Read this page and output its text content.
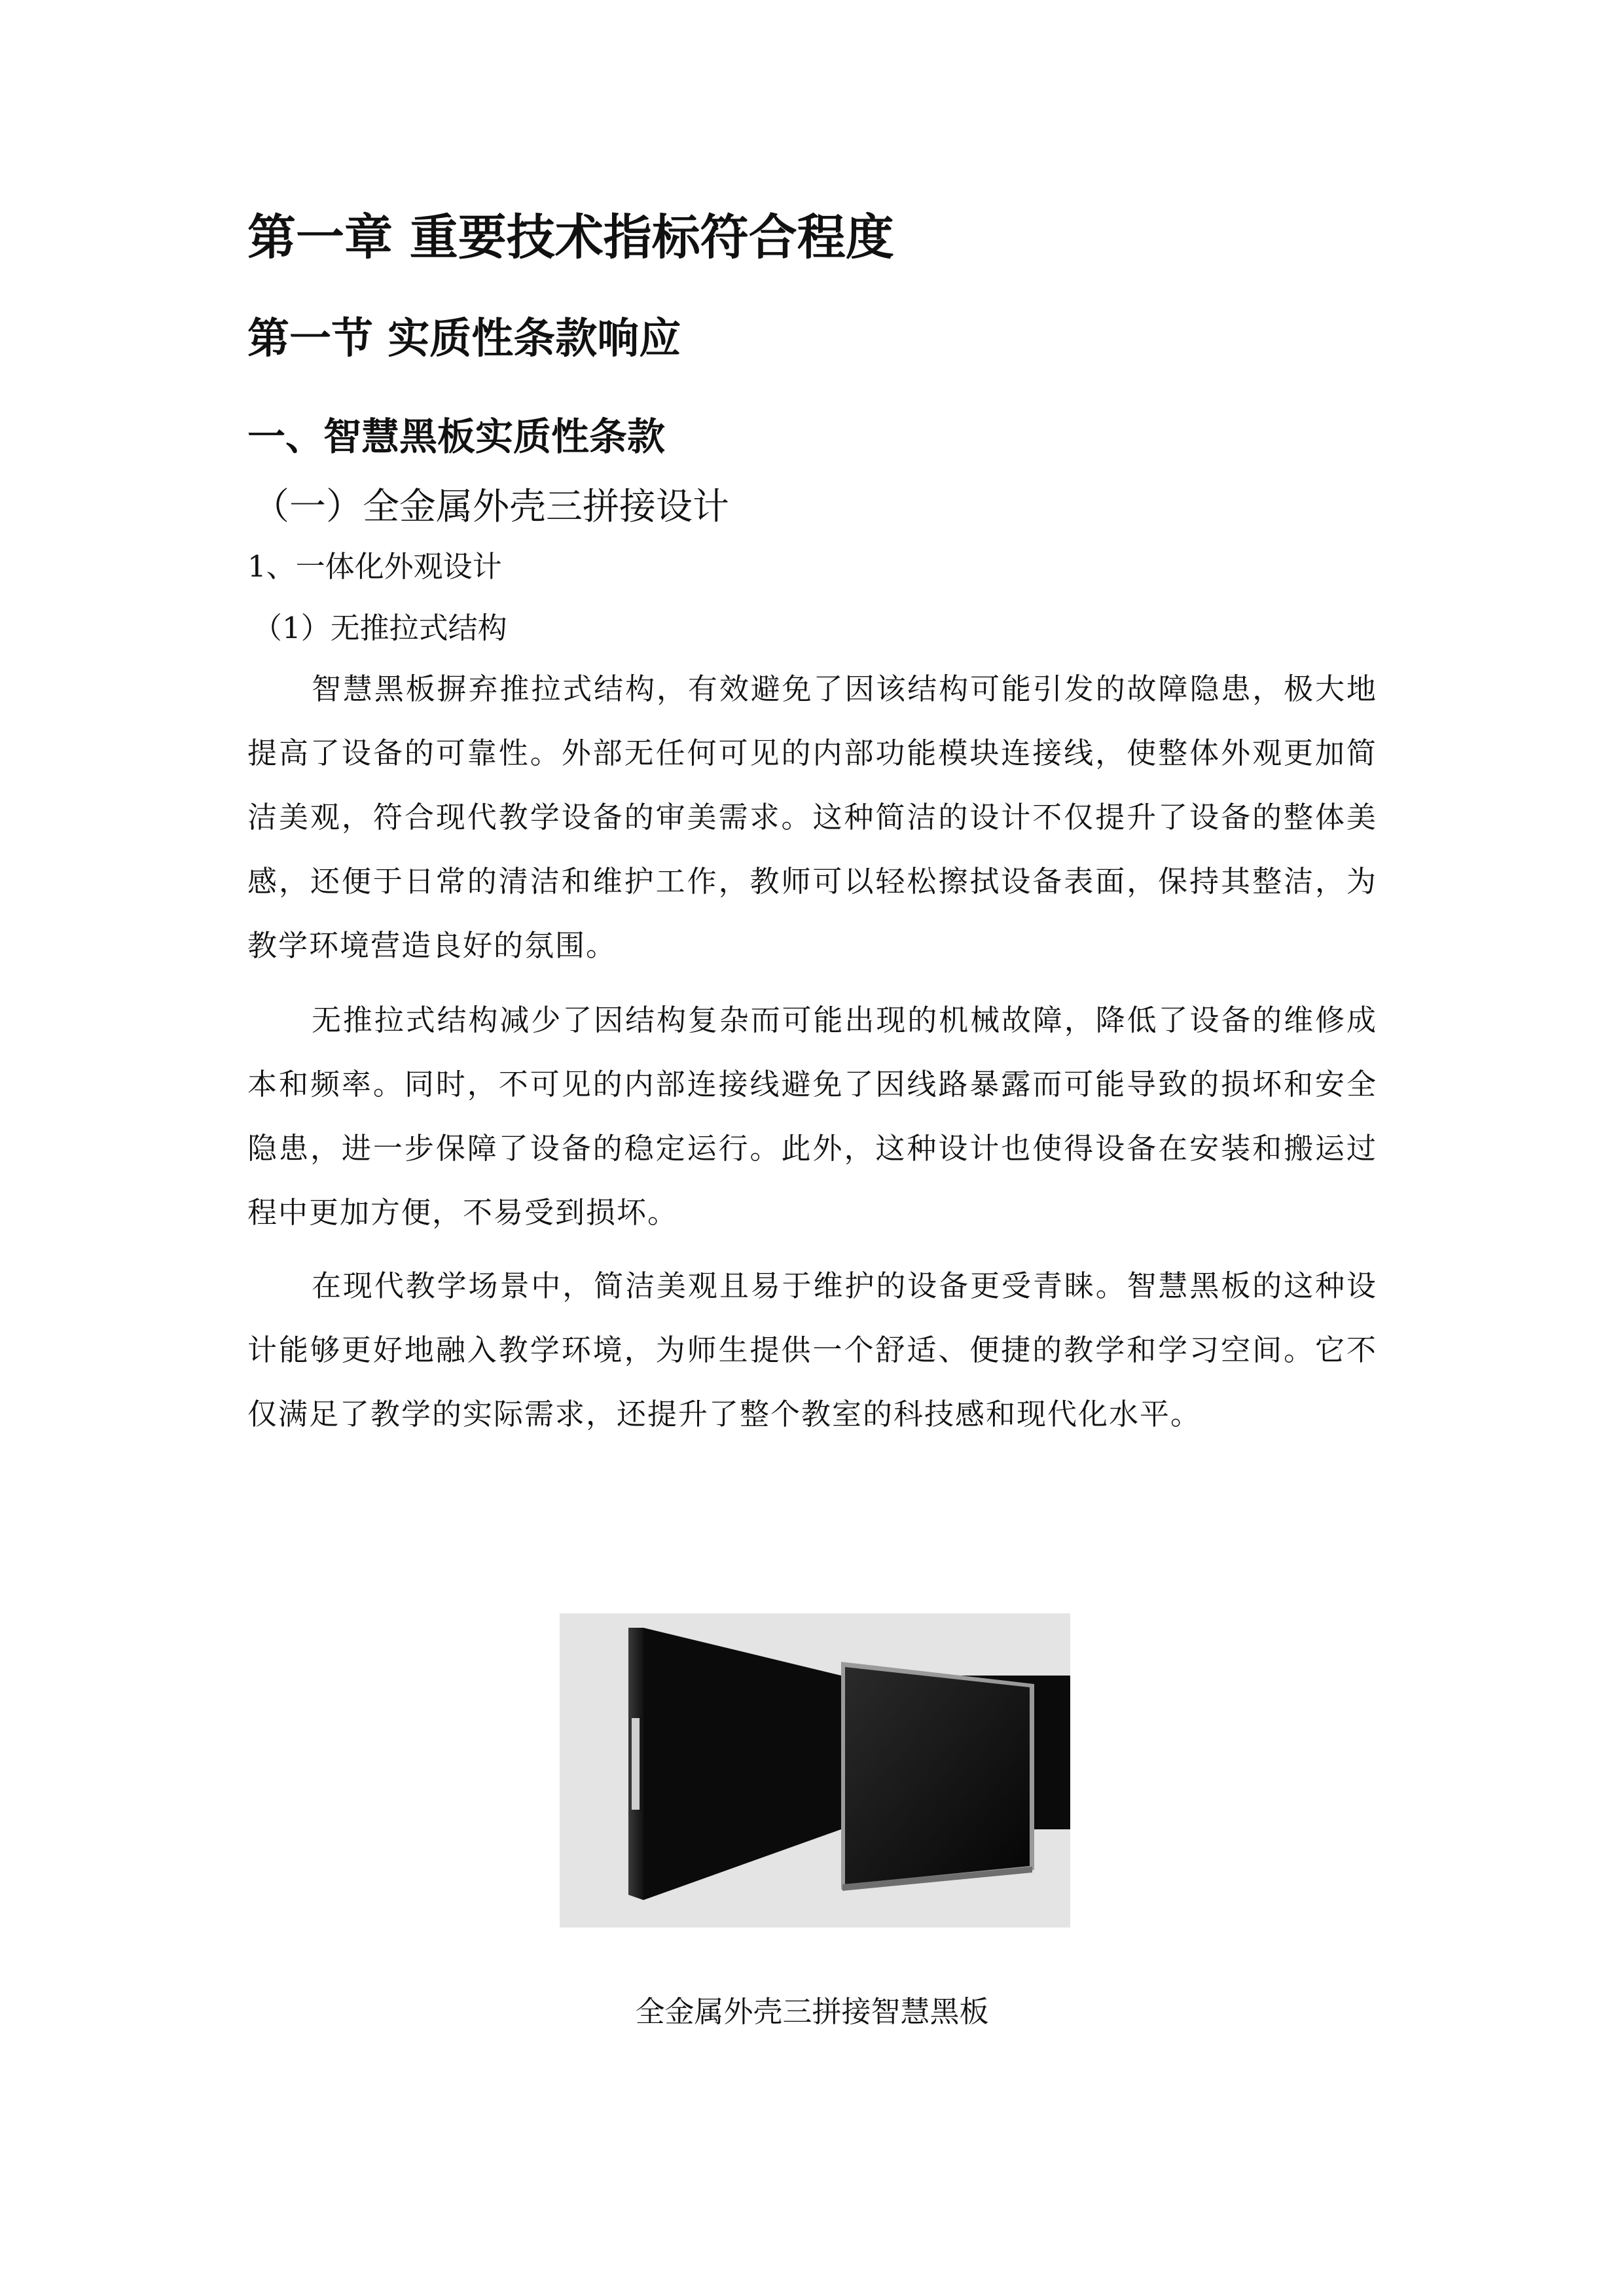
第一章 重要技术指标符合程度
第一节 实质性条款响应
一、智慧黑板实质性条款
（一）全金属外壳三拼接设计
1、一体化外观设计
（1）无推拉式结构

智慧黑板摒弃推拉式结构，有效避免了因该结构可能引发的故障隐患，极大地提高了设备的可靠性。外部无任何可见的内部功能模块连接线，使整体外观更加简洁美观，符合现代教学设备的审美需求。这种简洁的设计不仅提升了设备的整体美感，还便于日常的清洁和维护工作，教师可以轻松擦拭设备表面，保持其整洁，为教学环境营造良好的氛围。

无推拉式结构减少了因结构复杂而可能出现的机械故障，降低了设备的维修成本和频率。同时，不可见的内部连接线避免了因线路暴露而可能导致的损坏和安全隐患，进一步保障了设备的稳定运行。此外，这种设计也使得设备在安装和搬运过程中更加方便，不易受到损坏。

在现代教学场景中，简洁美观且易于维护的设备更受青睐。智慧黑板的这种设计能够更好地融入教学环境，为师生提供一个舒适、便捷的教学和学习空间。它不仅满足了教学的实际需求，还提升了整个教室的科技感和现代化水平。

全金属外壳三拼接智慧黑板
